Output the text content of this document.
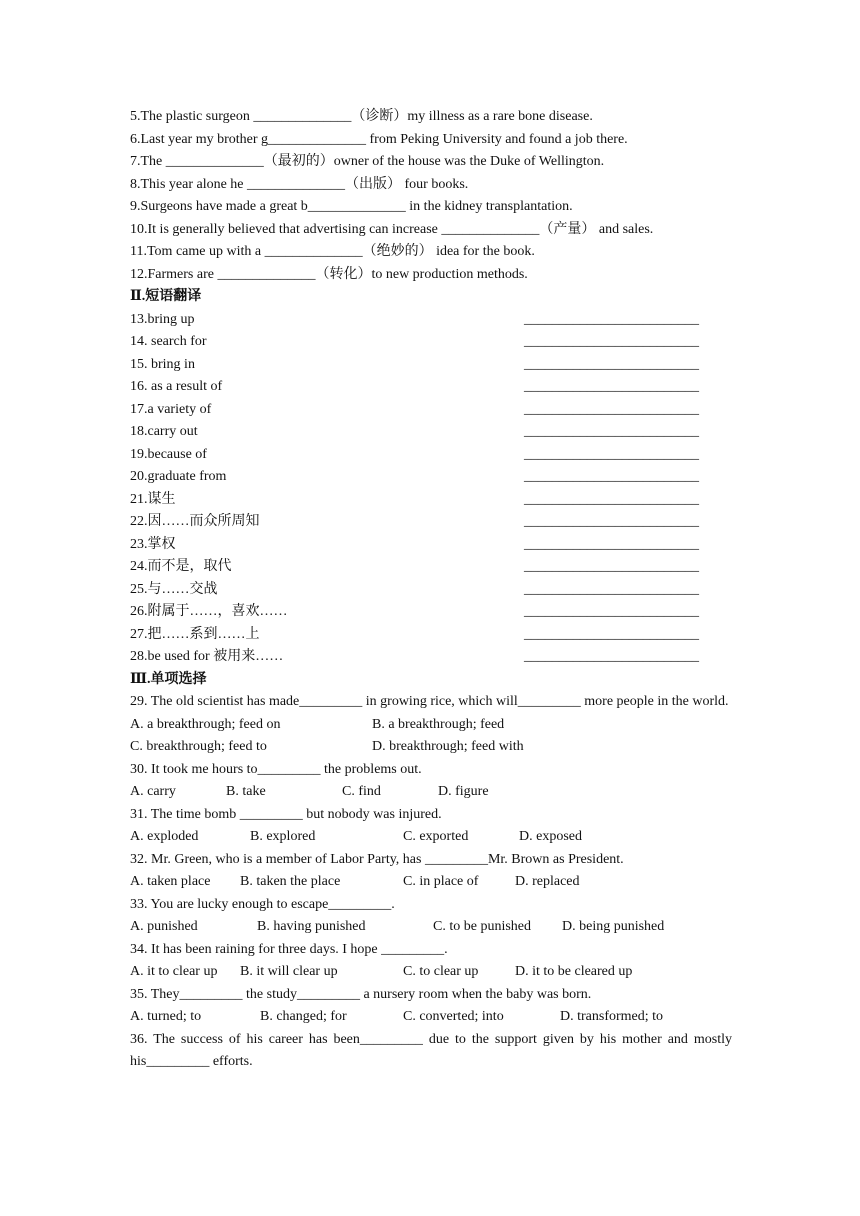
5.The plastic surgeon ______________（诊断）my illness as a rare bone disease.
6.Last year my brother g______________ from Peking University and found a job there.
7.The ______________（最初的）owner of the house was the Duke of Wellington.
8.This year alone he ______________（出版） four books.
9.Surgeons have made a great b______________ in the kidney transplantation.
10.It is generally believed that advertising can increase ______________（产量） and sales.
11.Tom came up with a ______________（绝妙的） idea for the book.
12.Farmers are ______________（转化）to new production methods.
Ⅱ.短语翻译
13.bring up	_________________________
14. search for	_________________________
15. bring in	_________________________
16. as a result of	_________________________
17.a variety of	_________________________
18.carry out	_________________________
19.because of	_________________________
20.graduate from	_________________________
21.谋生	_________________________
22.因……而众所周知	_________________________
23.掌权	_________________________
24.而不是，取代	_________________________
25.与……交战	_________________________
26.附属于……，喜欢……	_________________________
27.把……系到……上	_________________________
28.be used for 被用来……	_________________________
Ⅲ.单项选择
29. The old scientist has made_________ in growing rice, which will_________ more people in the world.
A. a breakthrough; feed on	B. a breakthrough; feed
C. breakthrough; feed to	D. breakthrough; feed with
30. It took me hours to_________ the problems out.
A. carry	B. take	C. find	D. figure
31. The time bomb _________ but nobody was injured.
A. exploded	B. explored	C. exported	D. exposed
32. Mr. Green, who is a member of Labor Party, has _________Mr. Brown as President.
A. taken place B. taken the place	C. in place of	D. replaced
33. You are lucky enough to escape_________.
A. punished	B. having punished	C. to be punished D. being punished
34. It has been raining for three days. I hope _________.
A. it to clear up B. it will clear up	C. to clear up	D. it to be cleared up
35. They_________ the study_________ a nursery room when the baby was born.
A. turned; to	B. changed; for	C. converted; into	D. transformed; to
36. The success of his career has been_________ due to the support given by his mother and mostly his_________ efforts.
